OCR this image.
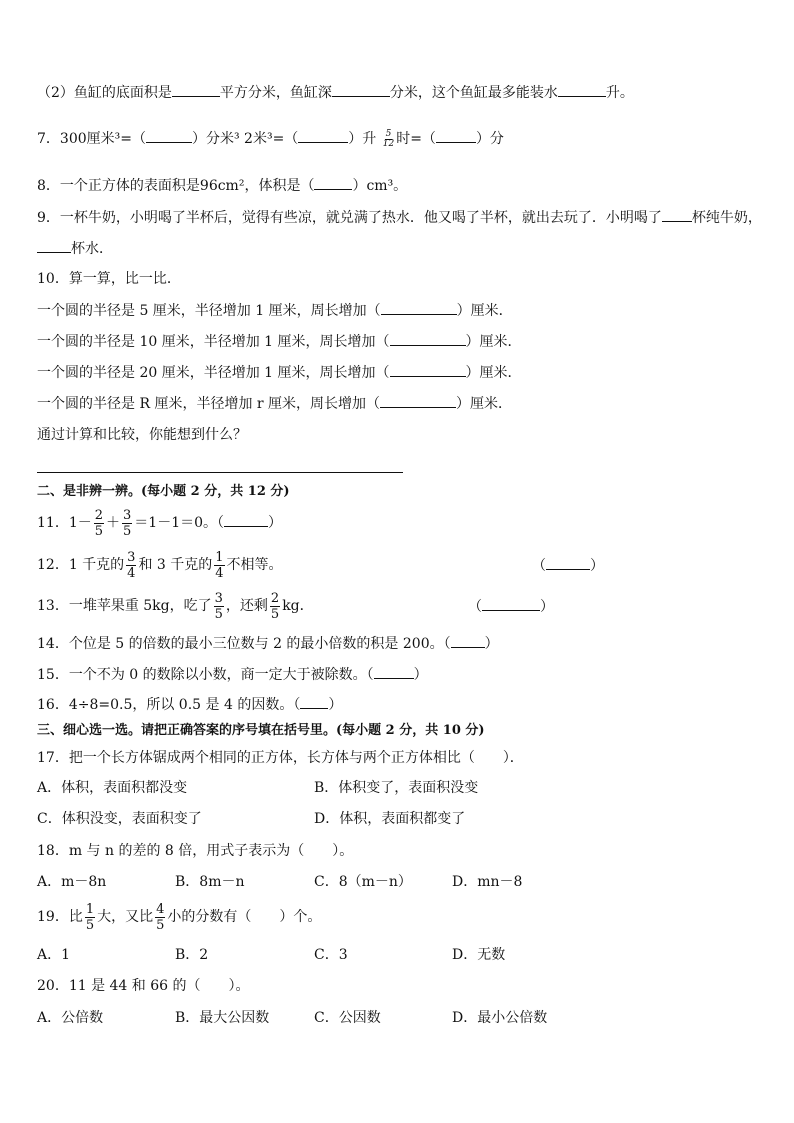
（2）鱼缸的底面积是	平方分米，鱼缸深	分米，这个鱼缸最多能装水	升。
7．300厘米³=（	）分米³ 2米³=（	）升 $\frac{5}{12}$ 时=（	）分
8．一个正方体的表面积是96cm²，体积是（	）cm³。
9．一杯牛奶，小明喝了半杯后，觉得有些凉，就兑满了热水．他又喝了半杯，就出去玩了．小明喝了 杯纯牛奶，
杯水．
10．算一算，比一比．
一个圆的半径是 5 厘米，半径增加 1 厘米，周长增加（	）厘米．
一个圆的半径是 10 厘米，半径增加 1 厘米，周长增加（	）厘米．
一个圆的半径是 20 厘米，半径增加 1 厘米，周长增加（	）厘米．
一个圆的半径是 R 厘米，半径增加 r 厘米，周长增加（	）厘米．
通过计算和比较，你能想到什么？
二、是非辨一辨。(每小题 2 分，共 12 分)
11．$1- \frac{2}{5} + \frac{3}{5} =1-1=0$。（	）
12．1 千克的 $\frac{3}{4}$ 和 3 千克的 $\frac{1}{4}$ 不相等。	（	）
13．一堆苹果重 5kg，吃了 $\frac{3}{5}$ ，还剩 $\frac{2}{5}$ kg．	（	）
14．个位是 5 的倍数的最小三位数与 2 的最小倍数的积是 200。（ ）
15．一个不为 0 的数除以小数，商一定大于被除数。（	）
16．4÷8=0.5，所以 0.5 是 4 的因数。（ ）
三、细心选一选。请把正确答案的序号填在括号里。(每小题 2 分，共 10 分)
17．把一个长方体锯成两个相同的正方体，长方体与两个正方体相比（　　）．
A．体积，表面积都没变	B．体积变了，表面积没变
C．体积没变，表面积变了	D．体积，表面积都变了
18．m 与 n 的差的 8 倍，用式子表示为（　　）。
A．m－8n	B．8m－n	C．8（m－n）	D．mn－8
19．比 $\frac{1}{5}$ 大，又比 $\frac{4}{5}$ 小的分数有（　　）个。
A．1	B．2	C．3	D．无数
20．11 是 44 和 66 的（　　）。
A．公倍数	B．最大公因数	C．公因数	D．最小公倍数
